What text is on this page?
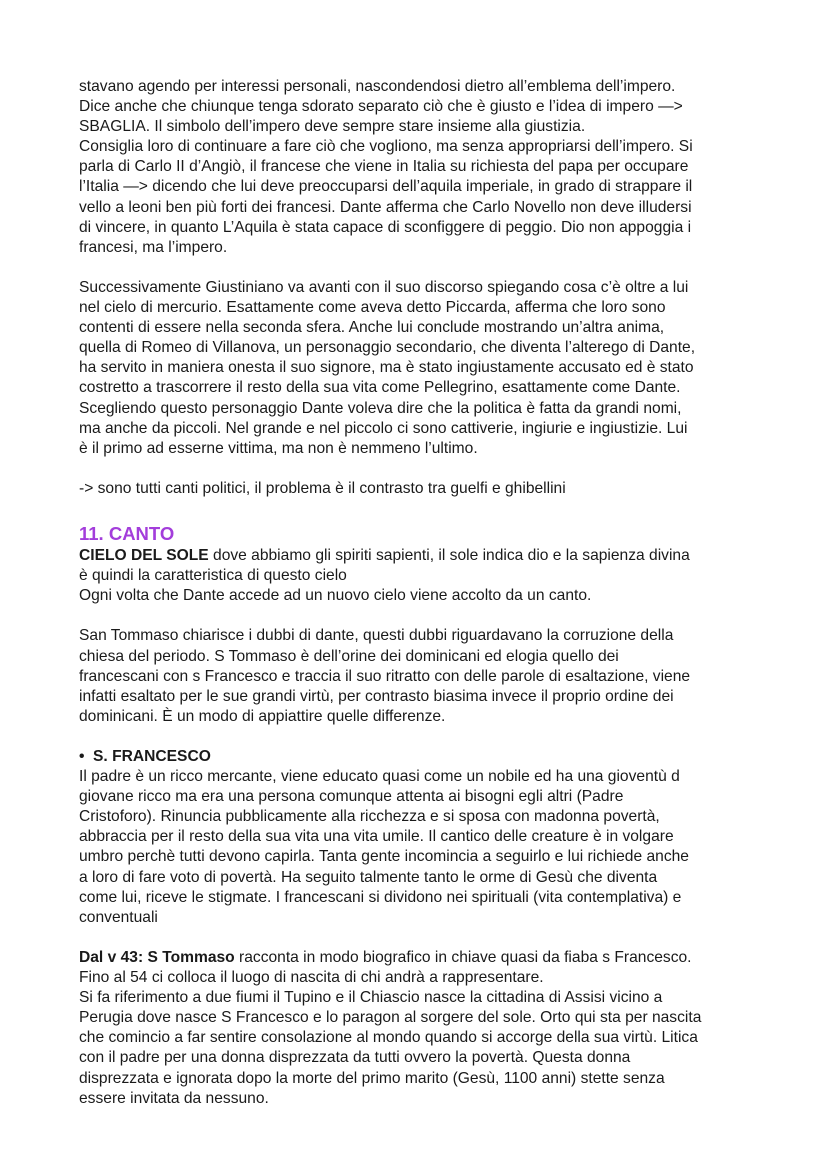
stavano agendo per interessi personali, nascondendosi dietro all’emblema dell’impero.
Dice anche che chiunque tenga sdorato separato ciò che è giusto e l’idea di impero —>
SBAGLIA. Il simbolo dell’impero deve sempre stare insieme alla giustizia.
Consiglia loro di continuare a fare ciò che vogliono, ma senza appropriarsi dell’impero. Si
parla di Carlo II d’Angiò, il francese che viene in Italia su richiesta del papa per occupare
l’Italia —> dicendo che lui deve preoccuparsi dell’aquila imperiale, in grado di strappare il
vello a leoni ben più forti dei francesi. Dante afferma che Carlo Novello non deve illudersi
di vincere, in quanto L’Aquila è stata capace di sconfiggere di peggio. Dio non appoggia i
francesi, ma l’impero.
Successivamente Giustiniano va avanti con il suo discorso spiegando cosa c’è oltre a lui
nel cielo di mercurio. Esattamente come aveva detto Piccarda, afferma che loro sono
contenti di essere nella seconda sfera. Anche lui conclude mostrando un’altra anima,
quella di Romeo di Villanova, un personaggio secondario, che diventa l’alterego di Dante,
ha servito in maniera onesta il suo signore, ma è stato ingiustamente accusato ed è stato
costretto a trascorrere il resto della sua vita come Pellegrino, esattamente come Dante.
Scegliendo questo personaggio Dante voleva dire che la politica è fatta da grandi nomi,
ma anche da piccoli. Nel grande e nel piccolo ci sono cattiverie, ingiurie e ingiustizie. Lui
è il primo ad esserne vittima, ma non è nemmeno l’ultimo.
-> sono tutti canti politici, il problema è il contrasto tra guelfi e ghibellini
11. CANTO
CIELO DEL SOLE dove abbiamo gli spiriti sapienti, il sole indica dio e la sapienza divina
è quindi la caratteristica di questo cielo
Ogni volta che Dante accede ad un nuovo cielo viene accolto da un canto.
San Tommaso chiarisce i dubbi di dante, questi dubbi riguardavano la corruzione della
chiesa del periodo. S Tommaso è dell’orine dei dominicani ed elogia quello dei
francescani con s Francesco e traccia il suo ritratto con delle parole di esaltazione, viene
infatti esaltato per le sue grandi virtù, per contrasto biasima invece il proprio ordine dei
dominicani. È un modo di appiattire quelle differenze.
• S. FRANCESCO
Il padre è un ricco mercante, viene educato quasi come un nobile ed ha una gioventù d
giovane ricco ma era una persona comunque attenta ai bisogni egli altri (Padre
Cristoforo). Rinuncia pubblicamente alla ricchezza e si sposa con madonna povertà,
abbraccia per il resto della sua vita una vita umile. Il cantico delle creature è in volgare
umbro perchè tutti devono capirla. Tanta gente incomincia a seguirlo e lui richiede anche
a loro di fare voto di povertà. Ha seguito talmente tanto le orme di Gesù che diventa
come lui, riceve le stigmate. I francescani si dividono nei spirituali (vita contemplativa) e
conventuali
Dal v 43: S Tommaso racconta in modo biografico in chiave quasi da fiaba s Francesco.
Fino al 54 ci colloca il luogo di nascita di chi andrà a rappresentare.
Si fa riferimento a due fiumi il Tupino e il Chiascio nasce la cittadina di Assisi vicino a
Perugia dove nasce S Francesco e lo paragon al sorgere del sole. Orto qui sta per nascita
che comincio a far sentire consolazione al mondo quando si accorge della sua virtù. Litica
con il padre per una donna disprezzata da tutti ovvero la povertà. Questa donna
disprezzata e ignorata dopo la morte del primo marito (Gesù, 1100 anni) stette senza
essere invitata da nessuno.
